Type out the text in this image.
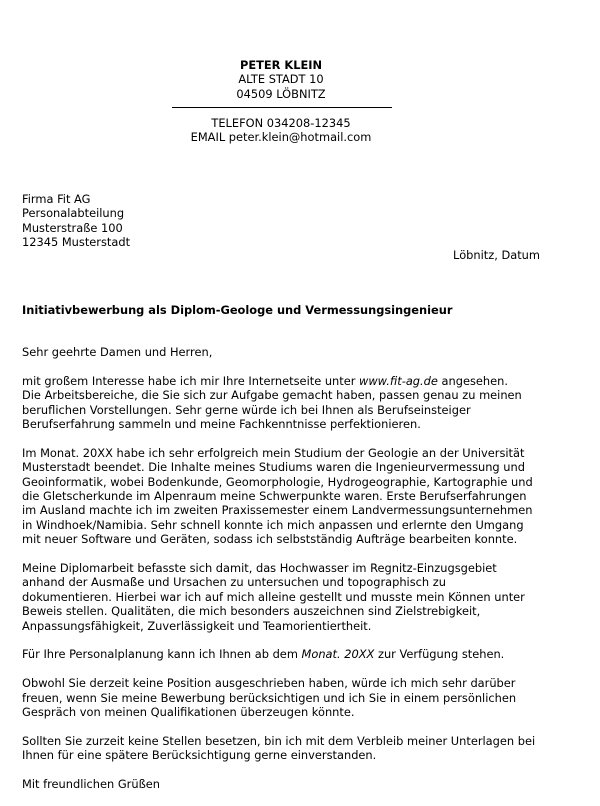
PETER KLEIN
ALTE STADT 10
04509 LÖBNITZ
TELEFON 034208-12345
EMAIL peter.klein@hotmail.com
Firma Fit AG
Personalabteilung
Musterstraße 100
12345 Musterstadt
Löbnitz, Datum
Initiativbewerbung als Diplom-Geologe und Vermessungsingenieur

Sehr geehrte Damen und Herren,

mit großem Interesse habe ich mir Ihre Internetseite unter www.fit-ag.de angesehen.
Die Arbeitsbereiche, die Sie sich zur Aufgabe gemacht haben, passen genau zu meinen
beruflichen Vorstellungen. Sehr gerne würde ich bei Ihnen als Berufseinsteiger
Berufserfahrung sammeln und meine Fachkenntnisse perfektionieren.

Im Monat. 20XX habe ich sehr erfolgreich mein Studium der Geologie an der Universität
Musterstadt beendet. Die Inhalte meines Studiums waren die Ingenieurvermessung und
Geoinformatik, wobei Bodenkunde, Geomorphologie, Hydrogeographie, Kartographie und
die Gletscherkunde im Alpenraum meine Schwerpunkte waren. Erste Berufserfahrungen
im Ausland machte ich im zweiten Praxissemester einem Landvermessungsunternehmen
in Windhoek/Namibia. Sehr schnell konnte ich mich anpassen und erlernte den Umgang
mit neuer Software und Geräten, sodass ich selbstständig Aufträge bearbeiten konnte.

Meine Diplomarbeit befasste sich damit, das Hochwasser im Regnitz-Einzugsgebiet
anhand der Ausmaße und Ursachen zu untersuchen und topographisch zu
dokumentieren. Hierbei war ich auf mich alleine gestellt und musste mein Können unter
Beweis stellen. Qualitäten, die mich besonders auszeichnen sind Zielstrebigkeit,
Anpassungsfähigkeit, Zuverlässigkeit und Teamorientiertheit.

Für Ihre Personalplanung kann ich Ihnen ab dem Monat. 20XX zur Verfügung stehen.

Obwohl Sie derzeit keine Position ausgeschrieben haben, würde ich mich sehr darüber
freuen, wenn Sie meine Bewerbung berücksichtigen und ich Sie in einem persönlichen
Gespräch von meinen Qualifikationen überzeugen könnte.

Sollten Sie zurzeit keine Stellen besetzen, bin ich mit dem Verbleib meiner Unterlagen bei
Ihnen für eine spätere Berücksichtigung gerne einverstanden.

Mit freundlichen Grüßen
